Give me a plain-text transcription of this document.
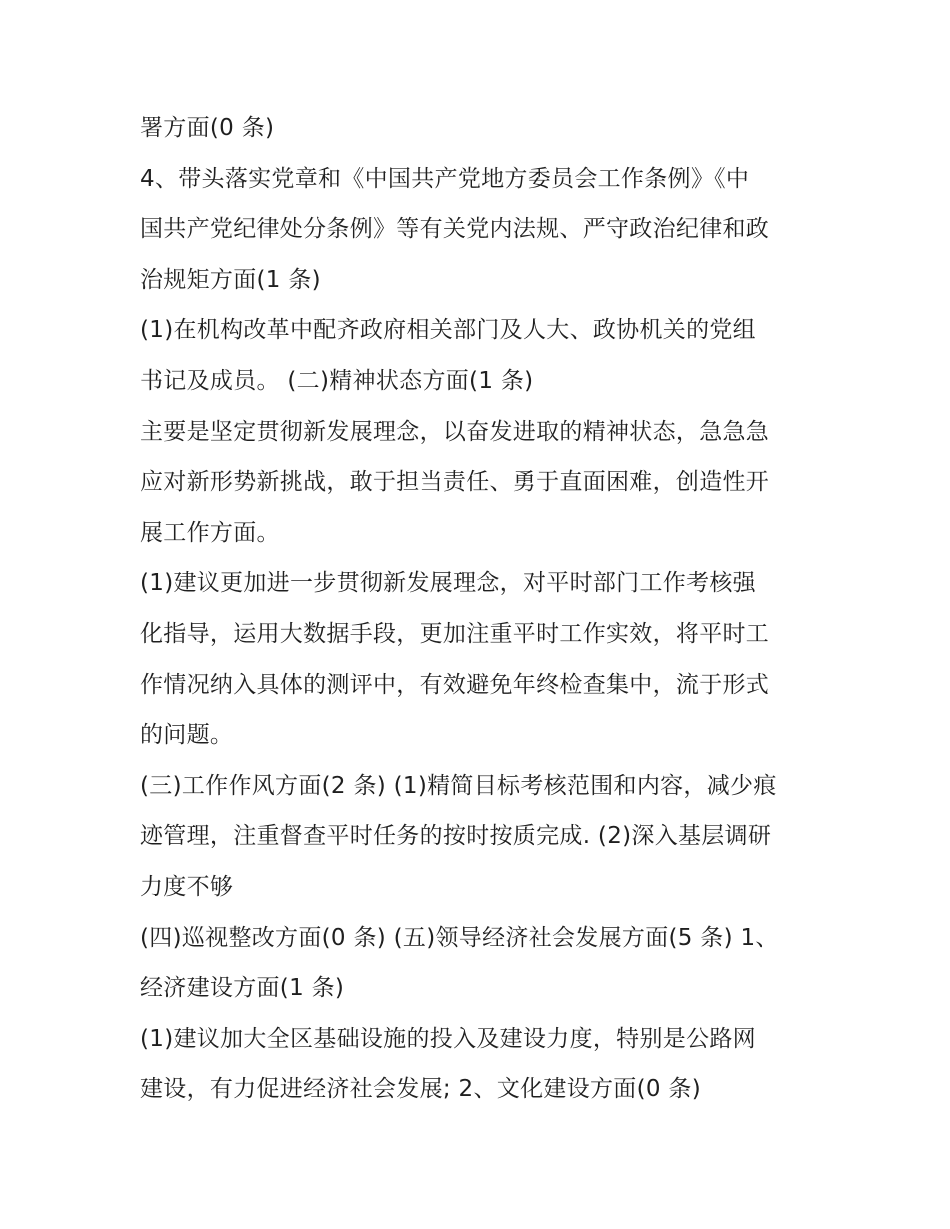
署方面(0 条)
4、带头落实党章和《中国共产党地方委员会工作条例》《中
国共产党纪律处分条例》等有关党内法规、严守政治纪律和政
治规矩方面(1 条)
(1)在机构改革中配齐政府相关部门及人大、政协机关的党组
书记及成员。 (二)精神状态方面(1 条)
主要是坚定贯彻新发展理念，以奋发进取的精神状态，急急急
应对新形势新挑战，敢于担当责任、勇于直面困难，创造性开
展工作方面。
(1)建议更加进一步贯彻新发展理念，对平时部门工作考核强
化指导，运用大数据手段，更加注重平时工作实效，将平时工
作情况纳入具体的测评中，有效避免年终检查集中，流于形式
的问题。
(三)工作作风方面(2 条) (1)精简目标考核范围和内容，减少痕
迹管理，注重督查平时任务的按时按质完成. (2)深入基层调研
力度不够
(四)巡视整改方面(0 条) (五)领导经济社会发展方面(5 条) 1、
经济建设方面(1 条)
(1)建议加大全区基础设施的投入及建设力度，特别是公路网
建设，有力促进经济社会发展; 2、文化建设方面(0 条)
